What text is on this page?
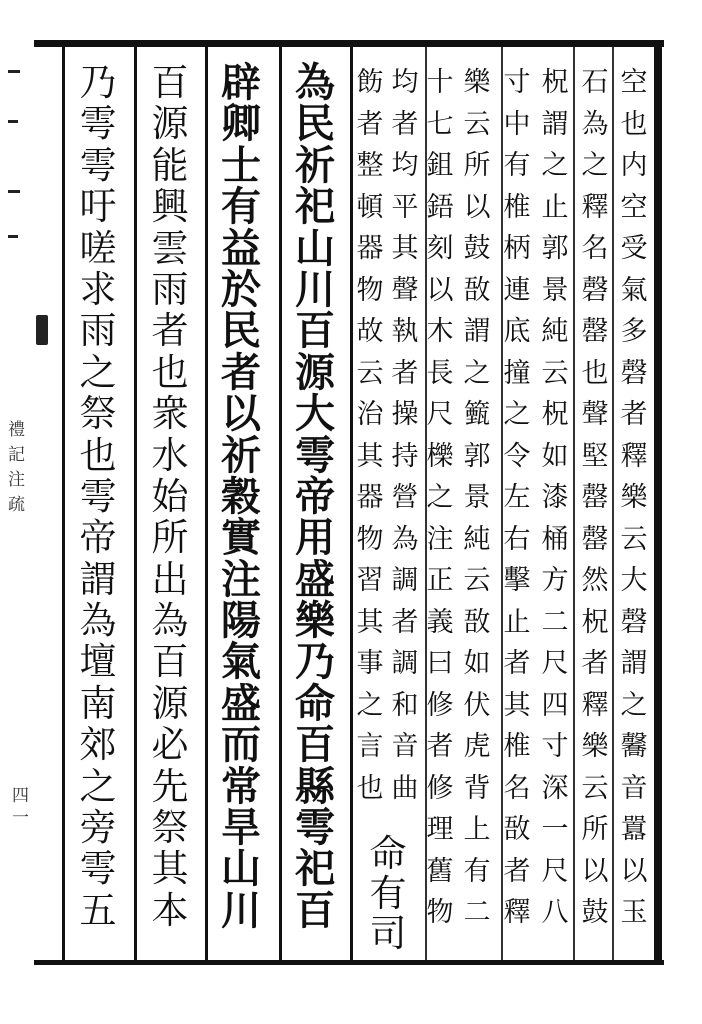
禮
記
注
疏
四
一
空
也
内
空
受
氣
多
磬
者
釋
樂
云
大
磬
謂
之
毊
音
囂
以
玉
石
為
之
釋
名
磬
罄
也
聲
堅
罄
罄
然
柷
者
釋
樂
云
所
以
鼓
柷
謂
之
止
郭
景
純
云
柷
如
漆
桶
方
二
尺
四
寸
深
一
尺
八
寸
中
有
椎
柄
連
底
撞
之
令
左
右
擊
止
者
其
椎
名
敔
者
釋
樂
云
所
以
鼓
敔
謂
之
籈
郭
景
純
云
敔
如
伏
虎
背
上
有
二
十
七
鉏
鋙
刻
以
木
長
尺
櫟
之
注
正
義
曰
修
者
修
理
舊
物
均
者
均
平
其
聲
執
者
操
持
營
為
調
者
調
和
音
曲
命
有
司
飭
者
整
頓
器
物
故
云
治
其
器
物
習
其
事
之
言
也
為
民
祈
祀
山
川
百
源
大
雩
帝
用
盛
樂
乃
命
百
縣
雩
祀
百
辟
卿
士
有
益
於
民
者
以
祈
穀
實
注
陽
氣
盛
而
常
旱
山
川
百
源
能
興
雲
雨
者
也
衆
水
始
所
出
為
百
源
必
先
祭
其
本
乃
雩
雩
吁
嗟
求
雨
之
祭
也
雩
帝
謂
為
壇
南
郊
之
旁
雩
五
